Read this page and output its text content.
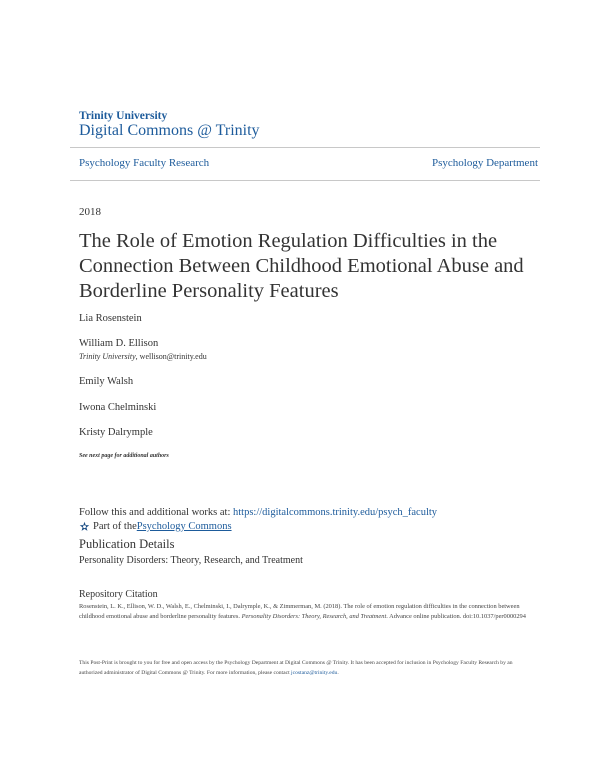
Trinity University
Digital Commons @ Trinity
Psychology Faculty Research	Psychology Department
2018
The Role of Emotion Regulation Difficulties in the Connection Between Childhood Emotional Abuse and Borderline Personality Features
Lia Rosenstein
William D. Ellison
Trinity University, wellison@trinity.edu
Emily Walsh
Iwona Chelminski
Kristy Dalrymple
See next page for additional authors
Follow this and additional works at: https://digitalcommons.trinity.edu/psych_faculty
Part of the Psychology Commons
Publication Details
Personality Disorders: Theory, Research, and Treatment
Repository Citation
Rosenstein, L. K., Ellison, W. D., Walsh, E., Chelminski, I., Dalrymple, K., & Zimmerman, M. (2018). The role of emotion regulation difficulties in the connection between childhood emotional abuse and borderline personality features. Personality Disorders: Theory, Research, and Treatment. Advance online publication. doi:10.1037/per0000294
This Post-Print is brought to you for free and open access by the Psychology Department at Digital Commons @ Trinity. It has been accepted for inclusion in Psychology Faculty Research by an authorized administrator of Digital Commons @ Trinity. For more information, please contact jcostanz@trinity.edu.
